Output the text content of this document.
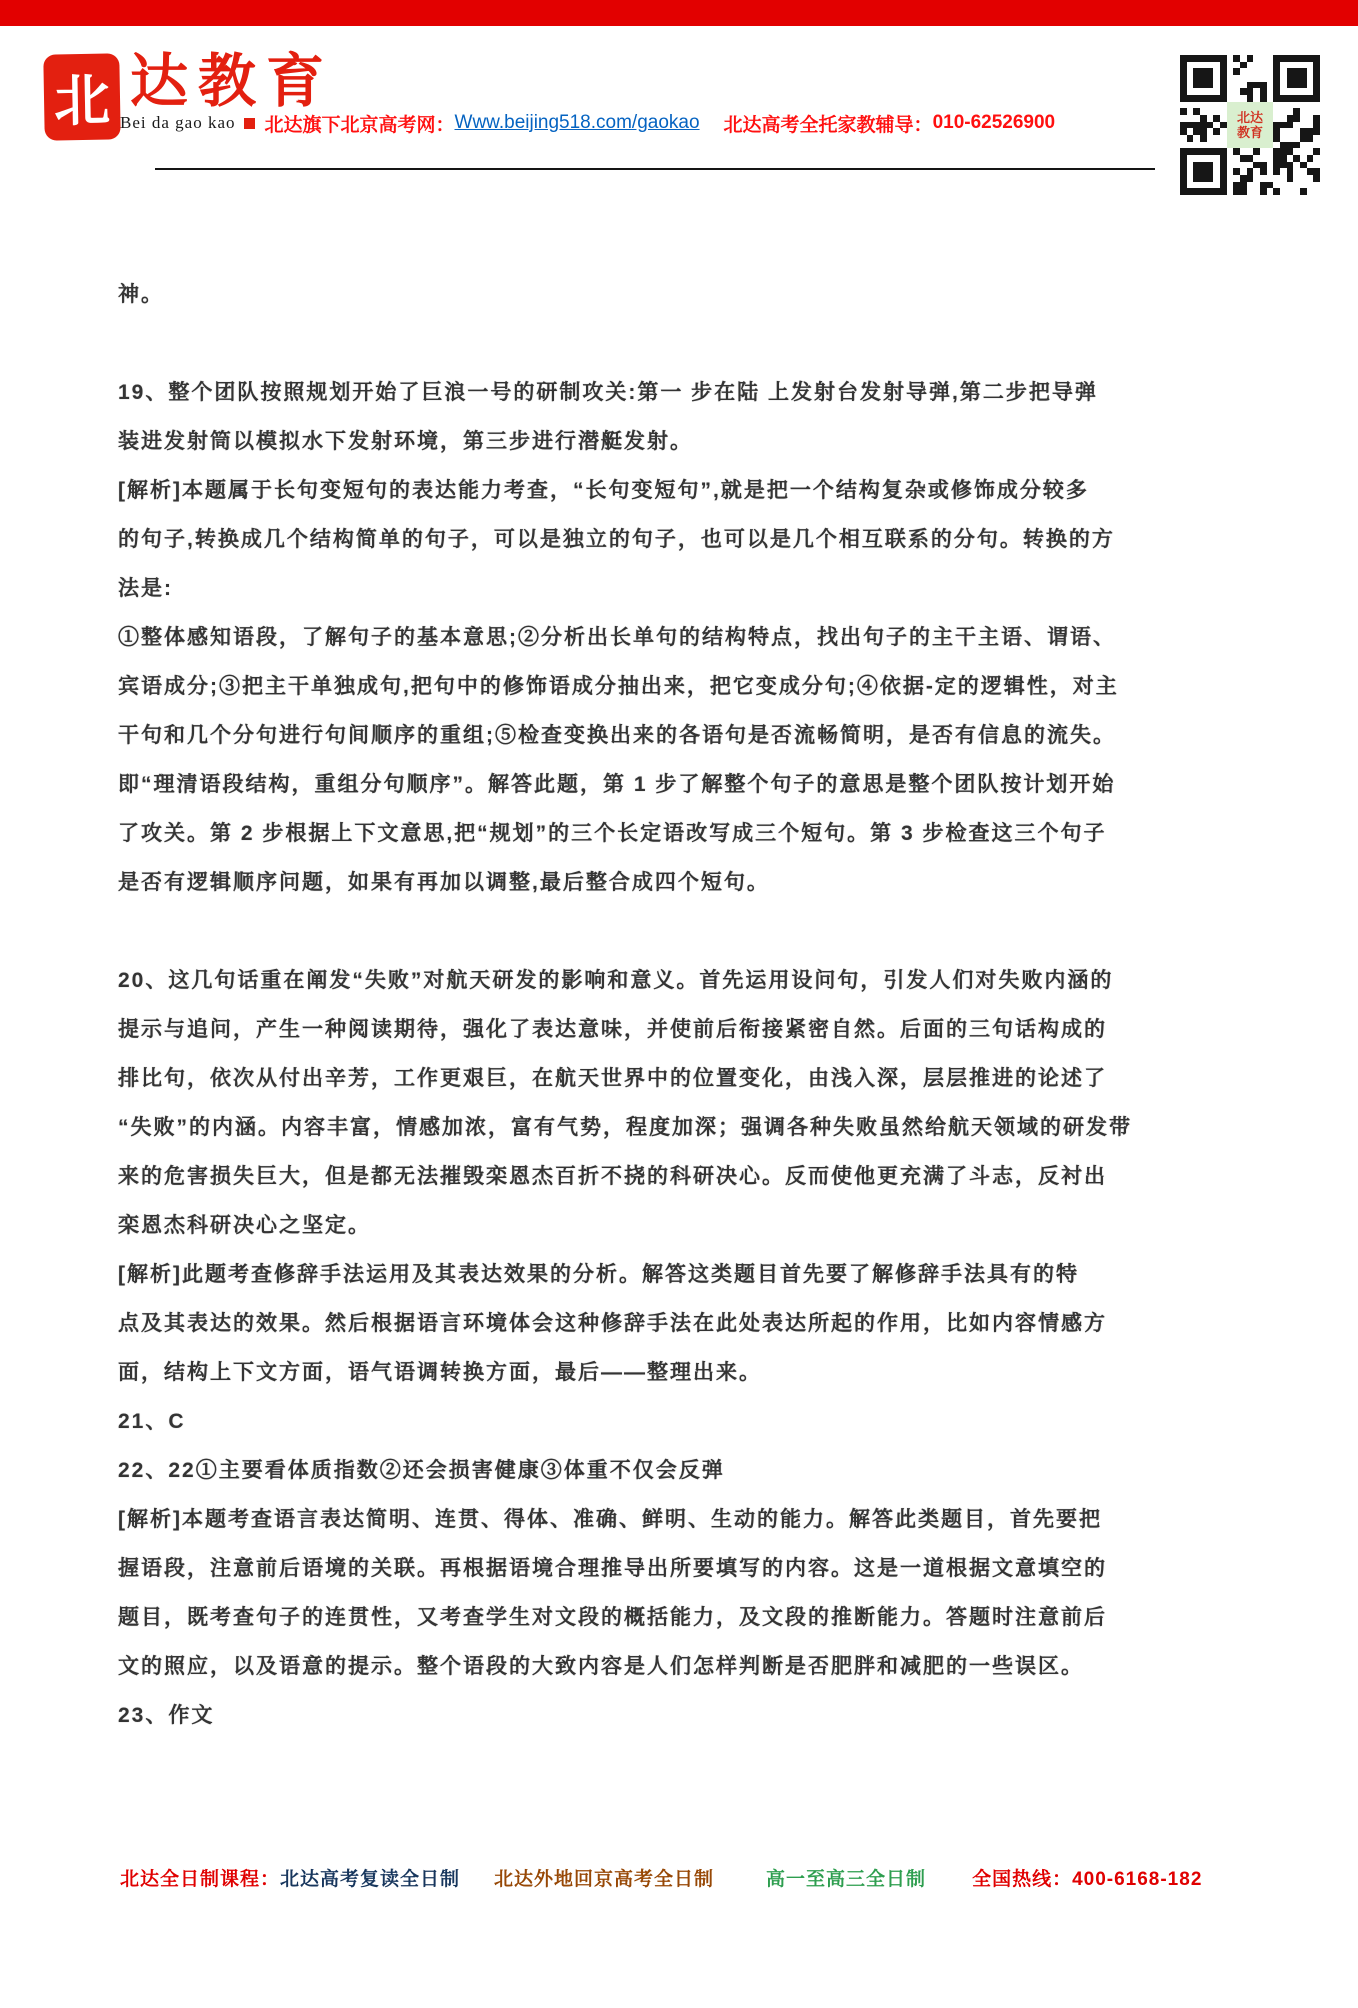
北 达教育
Bei da gao kao 北达旗下北京高考网： Www.beijing518.com/gaokao 北达高考全托家教辅导： 010-62526900	北达
教育
神。
19、整个团队按照规划开始了巨浪一号的研制攻关:第一 步在陆 上发射台发射导弹,第二步把导弹
装进发射筒以模拟水下发射环境，第三步进行潜艇发射。
[解析]本题属于长句变短句的表达能力考查，“长句变短句”,就是把一个结构复杂或修饰成分较多
的句子,转换成几个结构简单的句子，可以是独立的句子，也可以是几个相互联系的分句。转换的方
法是:
①整体感知语段，了解句子的基本意思;②分析出长单句的结构特点，找出句子的主干主语、谓语、
宾语成分;③把主干单独成句,把句中的修饰语成分抽出来，把它变成分句;④依据-定的逻辑性，对主
干句和几个分句进行句间顺序的重组;⑤检查变换出来的各语句是否流畅简明，是否有信息的流失。
即“理清语段结构，重组分句顺序”。解答此题，第 1 步了解整个句子的意思是整个团队按计划开始
了攻关。第 2 步根据上下文意思,把“规划”的三个长定语改写成三个短句。第 3 步检查这三个句子
是否有逻辑顺序问题，如果有再加以调整,最后整合成四个短句。
20、这几句话重在阐发“失败”对航天研发的影响和意义。首先运用设问句，引发人们对失败内涵的
提示与追问，产生一种阅读期待，强化了表达意味，并使前后衔接紧密自然。后面的三句话构成的
排比句，依次从付出辛芳，工作更艰巨，在航天世界中的位置变化，由浅入深，层层推进的论述了
“失败”的内涵。内容丰富，情感加浓，富有气势，程度加深；强调各种失败虽然给航天领域的研发带
来的危害损失巨大，但是都无法摧毁栾恩杰百折不挠的科研决心。反而使他更充满了斗志，反衬出
栾恩杰科研决心之坚定。
[解析]此题考查修辞手法运用及其表达效果的分析。解答这类题目首先要了解修辞手法具有的特
点及其表达的效果。然后根据语言环境体会这种修辞手法在此处表达所起的作用，比如内容情感方
面，结构上下文方面，语气语调转换方面，最后——整理出来。
21、C
22、22①主要看体质指数②还会损害健康③体重不仅会反弹
[解析]本题考查语言表达简明、连贯、得体、准确、鲜明、生动的能力。解答此类题目，首先要把
握语段，注意前后语境的关联。再根据语境合理推导出所要填写的内容。这是一道根据文意填空的
题目，既考查句子的连贯性，又考查学生对文段的概括能力，及文段的推断能力。答题时注意前后
文的照应，以及语意的提示。整个语段的大致内容是人们怎样判断是否肥胖和减肥的一些误区。
23、作文
北达全日制课程： 北达高考复读全日制 北达外地回京高考全日制	高一至高三全日制 全国热线：400-6168-182
